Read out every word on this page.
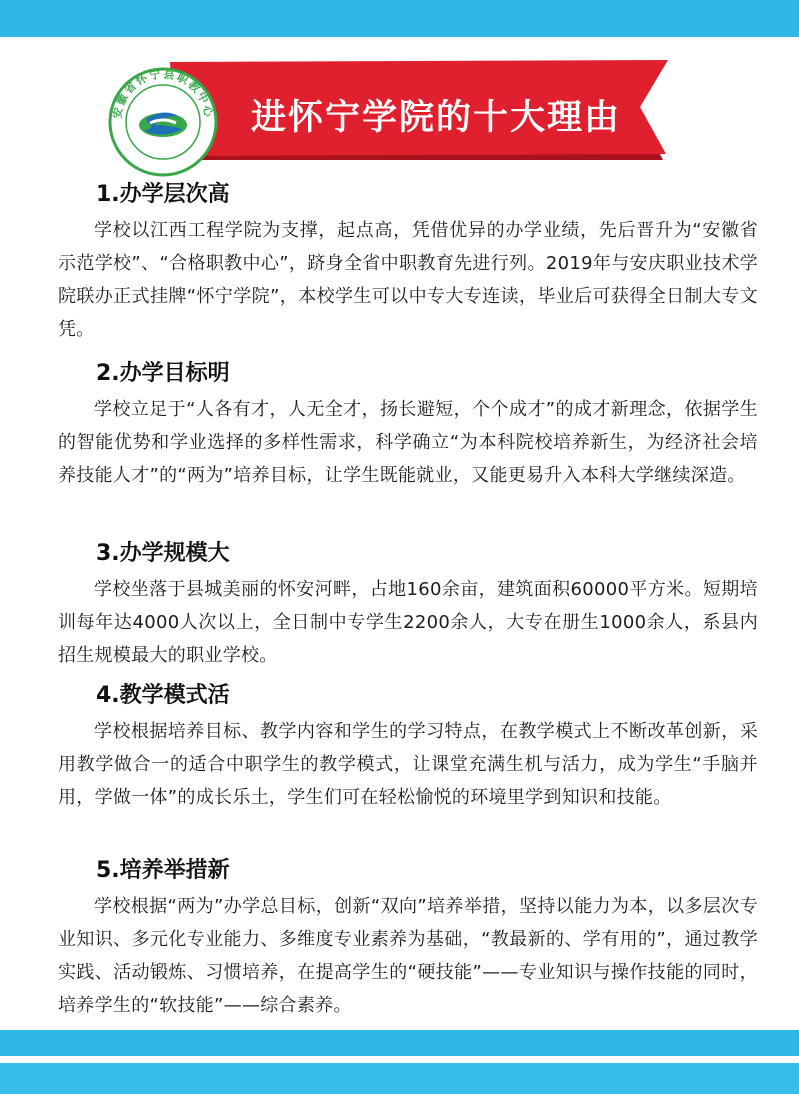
进怀宁学院的十大理由
安徽省怀宁县职教中心
1.办学层次高

学校以江西工程学院为支撑，起点高，凭借优异的办学业绩，先后晋升为“安徽省示范学校”、“合格职教中心”，跻身全省中职教育先进行列。2019年与安庆职业技术学院联办正式挂牌“怀宁学院”，本校学生可以中专大专连读，毕业后可获得全日制大专文凭。

2.办学目标明

学校立足于“人各有才，人无全才，扬长避短，个个成才”的成才新理念，依据学生的智能优势和学业选择的多样性需求，科学确立“为本科院校培养新生，为经济社会培养技能人才”的“两为”培养目标，让学生既能就业，又能更易升入本科大学继续深造。

3.办学规模大

学校坐落于县城美丽的怀安河畔，占地160余亩，建筑面积60000平方米。短期培训每年达4000人次以上，全日制中专学生2200余人，大专在册生1000余人，系县内招生规模最大的职业学校。

4.教学模式活

学校根据培养目标、教学内容和学生的学习特点，在教学模式上不断改革创新，采用教学做合一的适合中职学生的教学模式，让课堂充满生机与活力，成为学生“手脑并用，学做一体”的成长乐土，学生们可在轻松愉悦的环境里学到知识和技能。

5.培养举措新

学校根据“两为”办学总目标，创新“双向”培养举措，坚持以能力为本，以多层次专业知识、多元化专业能力、多维度专业素养为基础，“教最新的、学有用的”，通过教学实践、活动锻炼、习惯培养，在提高学生的“硬技能”——专业知识与操作技能的同时，培养学生的“软技能”——综合素养。
